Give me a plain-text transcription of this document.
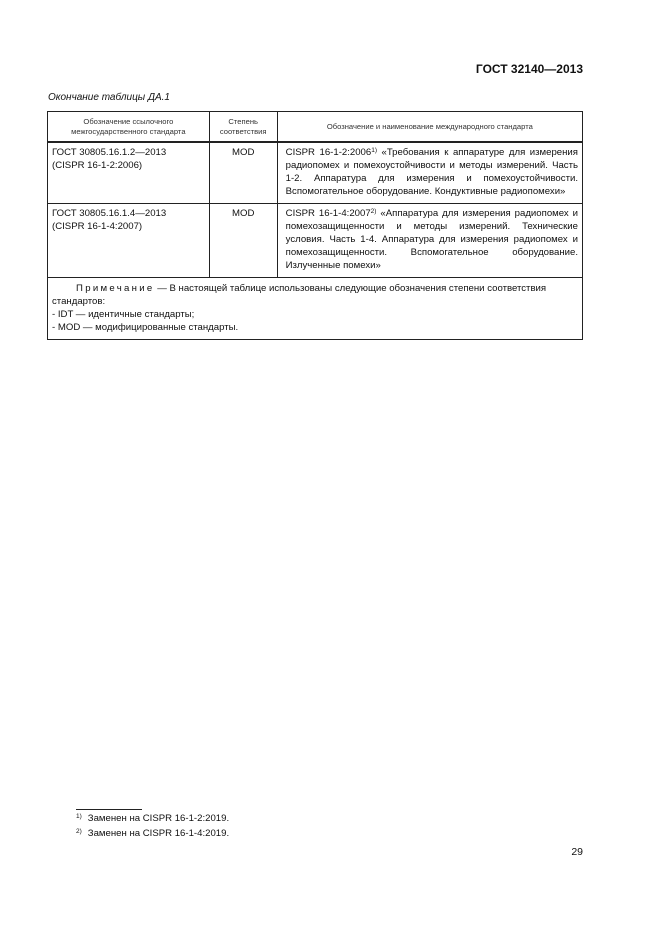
ГОСТ 32140—2013
Окончание таблицы ДА.1
Обозначение ссылочного межгосударственного стандарта	Степень соответствия	Обозначение и наименование международного стандарта

ГОСТ 30805.16.1.2—2013
(CISPR 16-1-2:2006)	MOD	CISPR 16-1-2:2006$^{1)}$ «Требования к аппаратуре для измерения радиопомех и помехоустойчивости и методы измерений. Часть 1-2. Аппаратура для измерения и помехоустойчивости. Вспомогательное оборудование. Кондуктивные радиопомехи»

ГОСТ 30805.16.1.4—2013
(CISPR 16-1-4:2007)	MOD	CISPR 16-1-4:2007$^{2)}$ «Аппаратура для измерения радиопомех и помехозащищенности и методы измерений. Технические условия. Часть 1-4. Аппаратура для измерения радиопомех и помехозащищенности. Вспомогательное оборудование. Излученные помехи»

Примечание — В настоящей таблице использованы следующие обозначения степени соответствия стандартов:
- IDT — идентичные стандарты;
- MOD — модифицированные стандарты.		
$^{1)}$ Заменен на CISPR 16-1-2:2019.
$^{2)}$ Заменен на CISPR 16-1-4:2019.
29
